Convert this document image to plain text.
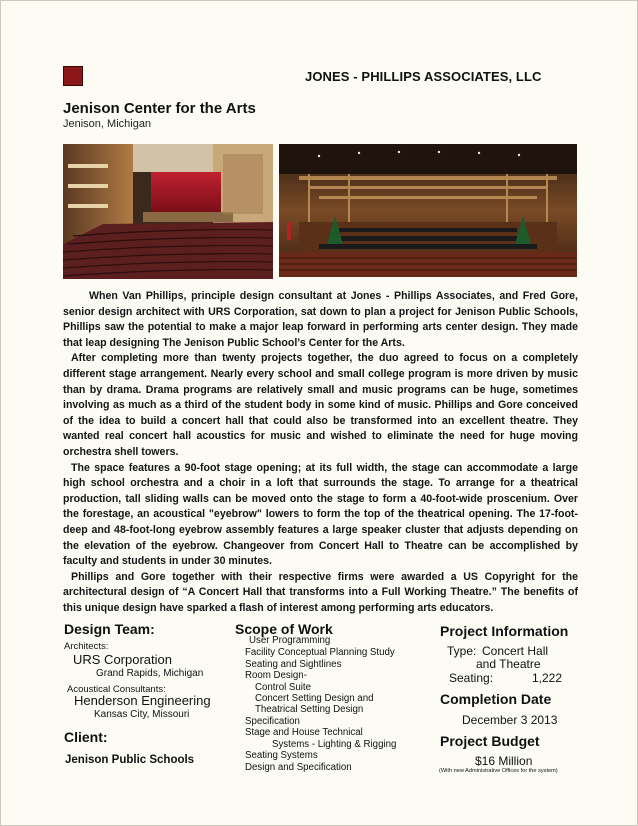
JONES - PHILLIPS ASSOCIATES, LLC
Jenison Center for the Arts
Jenison, Michigan

When Van Phillips, principle design consultant at Jones - Phillips Associates, and Fred Gore, senior design architect with URS Corporation, sat down to plan a project for Jenison Public Schools, Phillips saw the potential to make a major leap forward in performing arts center design. They made that leap designing The Jenison Public School’s Center for the Arts.

After completing more than twenty projects together, the duo agreed to focus on a completely different stage arrangement. Nearly every school and small college program is more driven by music than by drama. Drama programs are relatively small and music programs can be huge, sometimes involving as much as a third of the student body in some kind of music. Phillips and Gore conceived of the idea to build a concert hall that could also be transformed into an excellent theatre. They wanted real concert hall acoustics for music and wished to eliminate the need for huge moving orchestra shell towers.

The space features a 90-foot stage opening; at its full width, the stage can accommodate a large high school orchestra and a choir in a loft that surrounds the stage. To arrange for a theatrical production, tall sliding walls can be moved onto the stage to form a 40-foot-wide proscenium. Over the forestage, an acoustical "eyebrow" lowers to form the top of the theatrical opening. The 17-foot-deep and 48-foot-long eyebrow assembly features a large speaker cluster that adjusts depending on the elevation of the eyebrow. Changeover from Concert Hall to Theatre can be accomplished by faculty and students in under 30 minutes.

Phillips and Gore together with their respective firms were awarded a US Copyright for the architectural design of “A Concert Hall that transforms into a Full Working Theatre.” The benefits of this unique design have sparked a flash of interest among performing arts educators.

Design Team:
Architects:
URS Corporation
Grand Rapids, Michigan
Acoustical Consultants:
Henderson Engineering
Kansas City, Missouri
Client:
Jenison Public Schools
Scope of Work
User Programming
Facility Conceptual Planning Study
Seating and Sightlines
Room Design-
Control Suite
Concert Setting Design and
Theatrical Setting Design
Specification
Stage and House Technical
Systems - Lighting & Rigging
Seating Systems
Design and Specification
Project Information
Type: Concert Hall
and Theatre
Seating:	1,222
Completion Date
December 3 2013
Project Budget
$16 Million
(With new Administrative Offices for the system)
